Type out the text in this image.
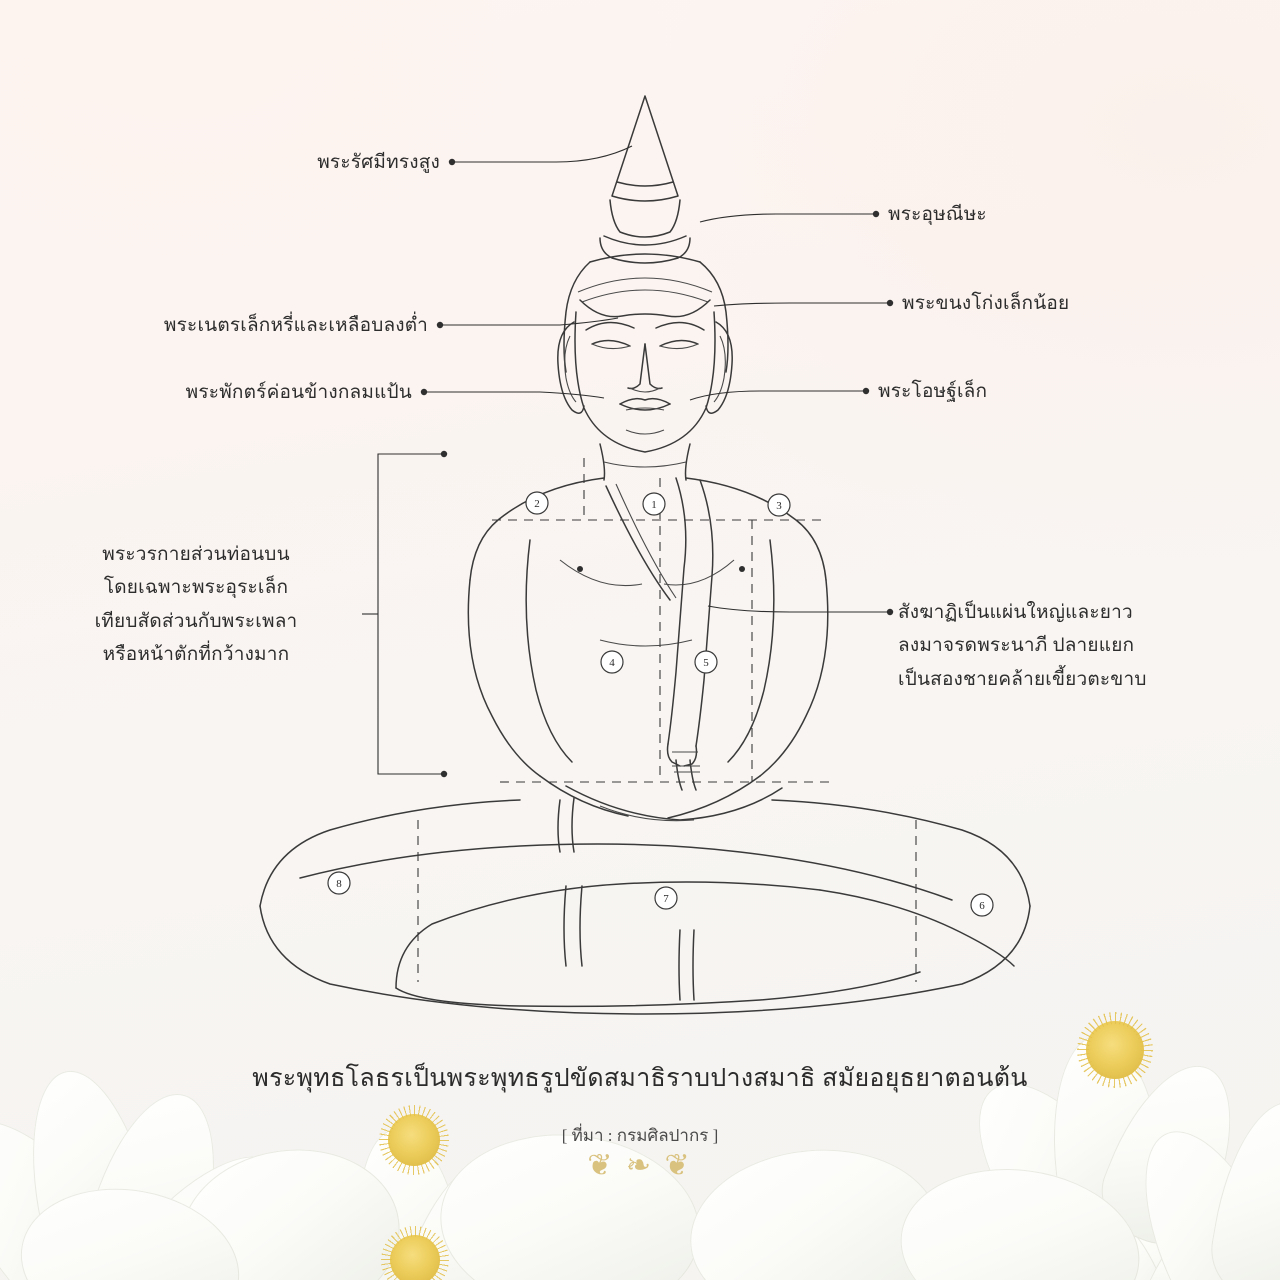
1
2	3
4	5
6
7
8
พระรัศมีทรงสูง
พระเนตรเล็กหรี่และเหลือบลงต่ำ
พระพักตร์ค่อนข้างกลมแป้น
พระอุษณีษะ
พระขนงโก่งเล็กน้อย
พระโอษฐ์เล็ก
พระวรกายส่วนท่อนบน
โดยเฉพาะพระอุระเล็ก
เทียบสัดส่วนกับพระเพลา
หรือหน้าตักที่กว้างมาก
สังฆาฏิเป็นแผ่นใหญ่และยาว
ลงมาจรดพระนาภี ปลายแยก
เป็นสองชายคล้ายเขี้ยวตะขาบ
พระพุทธโลธรเป็นพระพุทธรูปขัดสมาธิราบปางสมาธิ สมัยอยุธยาตอนต้น
[ ที่มา : กรมศิลปากร ]
❦ ❧ ❦
